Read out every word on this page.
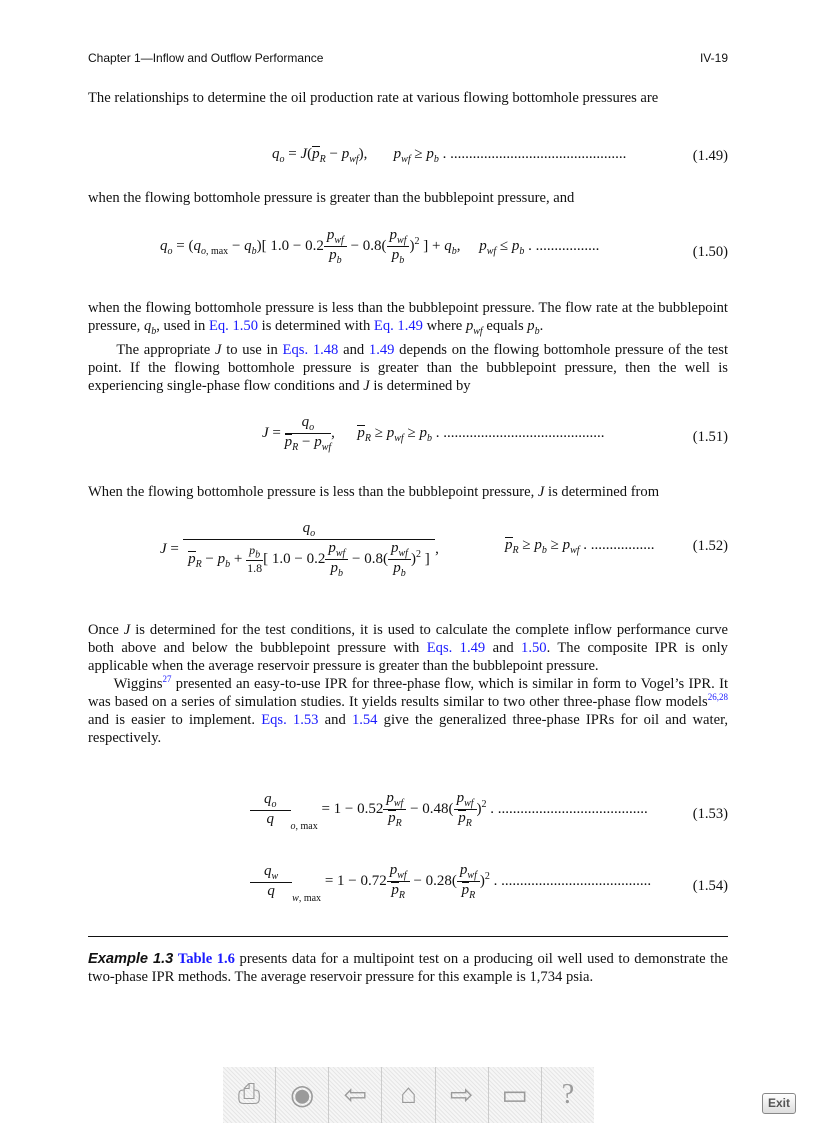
Chapter 1—Inflow and Outflow Performance	IV-19
The relationships to determine the oil production rate at various flowing bottomhole pressures are
$q_o = J(p_R - p_{wf})$,       $p_{wf} \ge p_b$ . ...............................................	(1.49)
when the flowing bottomhole pressure is greater than the bubblepoint pressure, and
$q_o = (q_{o, max} - q_b)$[ $1.0 - 0.2 \frac{p_{wf}}{p_b} - 0.8( \frac{p_{wf}}{p_b} )^2$ ] + $q_b$,     $p_{wf} \le p_b$ . .................	(1.50)
when the flowing bottomhole pressure is less than the bubblepoint pressure. The flow rate at the bubblepoint pressure, $q_b$, used in Eq. 1.50 is determined with Eq. 1.49 where $p_{wf}$ equals $p_b$.
The appropriate J to use in Eqs. 1.48 and 1.49 depends on the flowing bottomhole pressure of the test point. If the flowing bottomhole pressure is greater than the bubblepoint pressure, then the well is experiencing single-phase flow conditions and J is determined by
$J = \frac{q_o}{p_R - p_{wf}}$ ,      $p_R \ge p_{wf} \ge p_b$ . ...........................................	(1.51)
When the flowing bottomhole pressure is less than the bubblepoint pressure, J is determined from
$J = \frac{q_o}{p_R - p_b + \frac{p_b}{1.8} [ 1.0 - 0.2 \frac{p_{wf}}{p_b} - 0.8( \frac{p_{wf}}{p_b} )^2 ]}$ ,	$p_R \ge p_b \ge p_{wf}$ . .................	(1.52)
Once J is determined for the test conditions, it is used to calculate the complete inflow performance curve both above and below the bubblepoint pressure with Eqs. 1.49 and 1.50. The composite IPR is only applicable when the average reservoir pressure is greater than the bubblepoint pressure.
Wiggins$^{27}$ presented an easy-to-use IPR for three-phase flow, which is similar in form to Vogel’s IPR. It was based on a series of simulation studies. It yields results similar to two other three-phase flow models$^{26,28}$ and is easier to implement. Eqs. 1.53 and 1.54 give the generalized three-phase IPRs for oil and water, respectively.
$\frac{q_o}{q} _{o, max} = 1 - 0.52 \frac{p_{wf}}{p_R} - 0.48( \frac{p_{wf}}{p_R} )^2$ . ........................................	(1.53)
$\frac{q_w}{q} _{w, max} = 1 - 0.72 \frac{p_{wf}}{p_R} - 0.28( \frac{p_{wf}}{p_R} )^2$ . ........................................	(1.54)
Example 1.3 Table 1.6 presents data for a multipoint test on a producing oil well used to demonstrate the two-phase IPR methods. The average reservoir pressure for this example is 1,734 psia.
⎙	◉	⇦	⌂	⇨	▭	?	Exit
